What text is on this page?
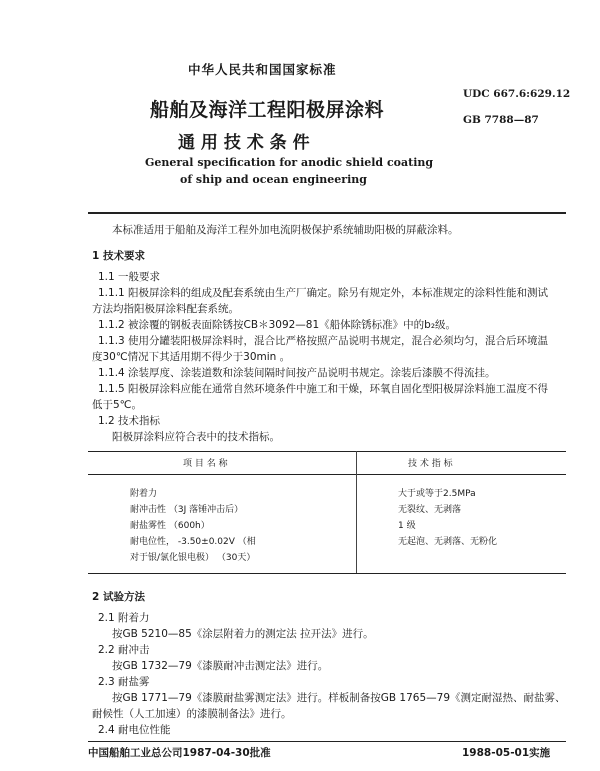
中华人民共和国国家标准
船舶及海洋工程阳极屏涂料
通 用 技 术 条 件
UDC 667.6:629.12
GB 7788—87
General specification for anodic shield coating
of ship and ocean engineering
本标准适用于船舶及海洋工程外加电流阴极保护系统辅助阳极的屏蔽涂料。
1 技术要求
1.1 一般要求
1.1.1 阳极屏涂料的组成及配套系统由生产厂确定。除另有规定外，本标准规定的涂料性能和测试
方法均指阳极屏涂料配套系统。
1.1.2 被涂覆的钢板表面除锈按CB＊3092—81《船体除锈标准》中的b₂级。
1.1.3 使用分罐装阳极屏涂料时，混合比严格按照产品说明书规定，混合必须均匀，混合后环境温
度30℃情况下其适用期不得少于30min 。
1.1.4 涂装厚度、涂装道数和涂装间隔时间按产品说明书规定。涂装后漆膜不得流挂。
1.1.5 阳极屏涂料应能在通常自然环境条件中施工和干燥，环氧自固化型阳极屏涂料施工温度不得
低于5℃。
1.2 技术指标
阳极屏涂料应符合表中的技术指标。
项 目 名 称	技 术 指 标
附着力	大于或等于2.5MPa
耐冲击性 （3J 落锤冲击后）	无裂纹、无剥落
耐盐雾性 （600h）	1 级
耐电位性， -3.50±0.02V （相	无起泡、无剥落、无粉化
对于银/氯化银电极） （30天）
2 试验方法
2.1 附着力
按GB 5210—85《涂层附着力的测定法 拉开法》进行。
2.2 耐冲击
按GB 1732—79《漆膜耐冲击测定法》进行。
2.3 耐盐雾
按GB 1771—79《漆膜耐盐雾测定法》进行。样板制备按GB 1765—79《测定耐湿热、耐盐雾、
耐候性（人工加速）的漆膜制备法》进行。
2.4 耐电位性能
中国船舶工业总公司1987-04-30批准	1988-05-01实施
